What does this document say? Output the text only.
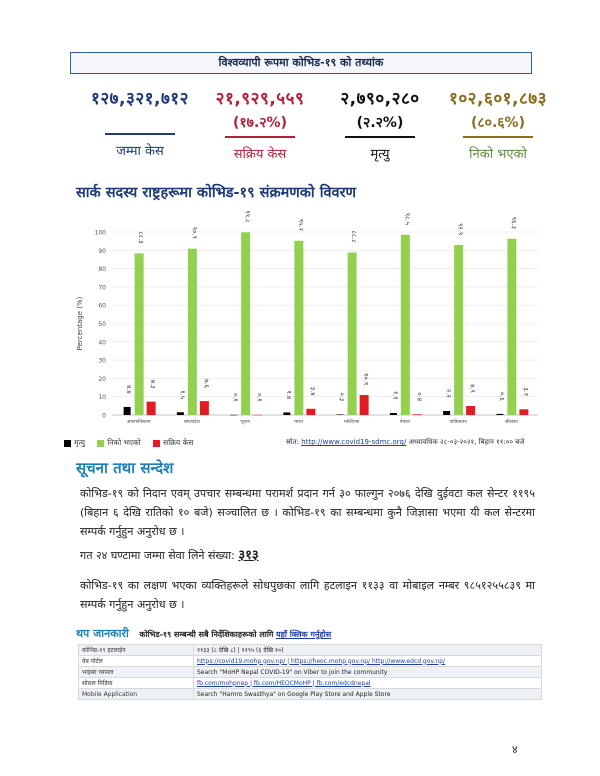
विश्वव्यापी रूपमा कोभिड-१९ को तथ्यांक
१२७,३२१,७१२
जम्मा केस
२१,९२९,५५९
(१७.२%)
सक्रिय केस
२,७९०,२८०
(२.२%)
मृत्यु
१०२,६०१,८७३
(८०.६%)
निको भएको
सार्क सदस्य राष्ट्रहरूमा कोभिड-१९ संक्रमणको विवरण
Percentage (%)
0
10
20
30
40
50
60
70
80
90
100
४.४
८८.३
७.३
अफगानिस्तान
१.५
९०.९
७.६
बंगलादेश
०.१
९९.८
०.१
भुटान
१.४
९५.२
३.४
भारत
०.३
८८.८
१०.९
माल्दिभ्स
१.१
९८.५
०.४
नेपाल
२.२
९२.९
४.९
पाकिस्तान
०.६
९६.३
३.१
श्रीलंका
मृत्यु	निको भएको	सक्रिय केस	स्रोत: http://www.covid19-sdmc.org/ अध्यावधिक २८-०३-२०२१, बिहान ११:०० बजे
सूचना तथा सन्देश
कोभिड-१९ को निदान एवम् उपचार सम्बन्धमा परामर्श प्रदान गर्न ३० फाल्गुन २०७६ देखि दुईवटा कल सेन्टर ११९५ (बिहान ६ देखि रातिको १० बजे) सञ्चालित छ । कोभिड-१९ का सम्बन्धमा कुनै जिज्ञासा भएमा यी कल सेन्टरमा सम्पर्क गर्नुहुन अनुरोध छ ।
गत २४ घण्टामा जम्मा सेवा लिने संख्या: ३१३
कोभिड-१९ का लक्षण भएका व्यक्तिहरूले सोधपुछका लागि हटलाइन ११३३ वा मोबाइल नम्बर ९८५१२५५८३९ मा सम्पर्क गर्नुहुन अनुरोध छ ।
थप जानकारी कोभिड-१९ सम्बन्धी सबै निर्देशिकाहरूको लागि यहाँ क्लिक गर्नुहोस
कोभिड-१९ हटलाईन	११३३ (८ देखि ८) | ११९५ (६ देखि १०)
वेब पोर्टल	https://covid19.mohp.gov.np/ | https://heoc.mohp.gov.np/ http://www.edcd.gov.np/
भाइबर च्यानल	Search "MoHP Nepal COVID-19" on Viber to join the community
सोसल मिडिया	fb.com/mohpnep | fb.com/HEOCMoHP | fb.com/edcdnepal
Mobile Application	Search "Hamro Swasthya" on Google Play Store and Apple Store
४
